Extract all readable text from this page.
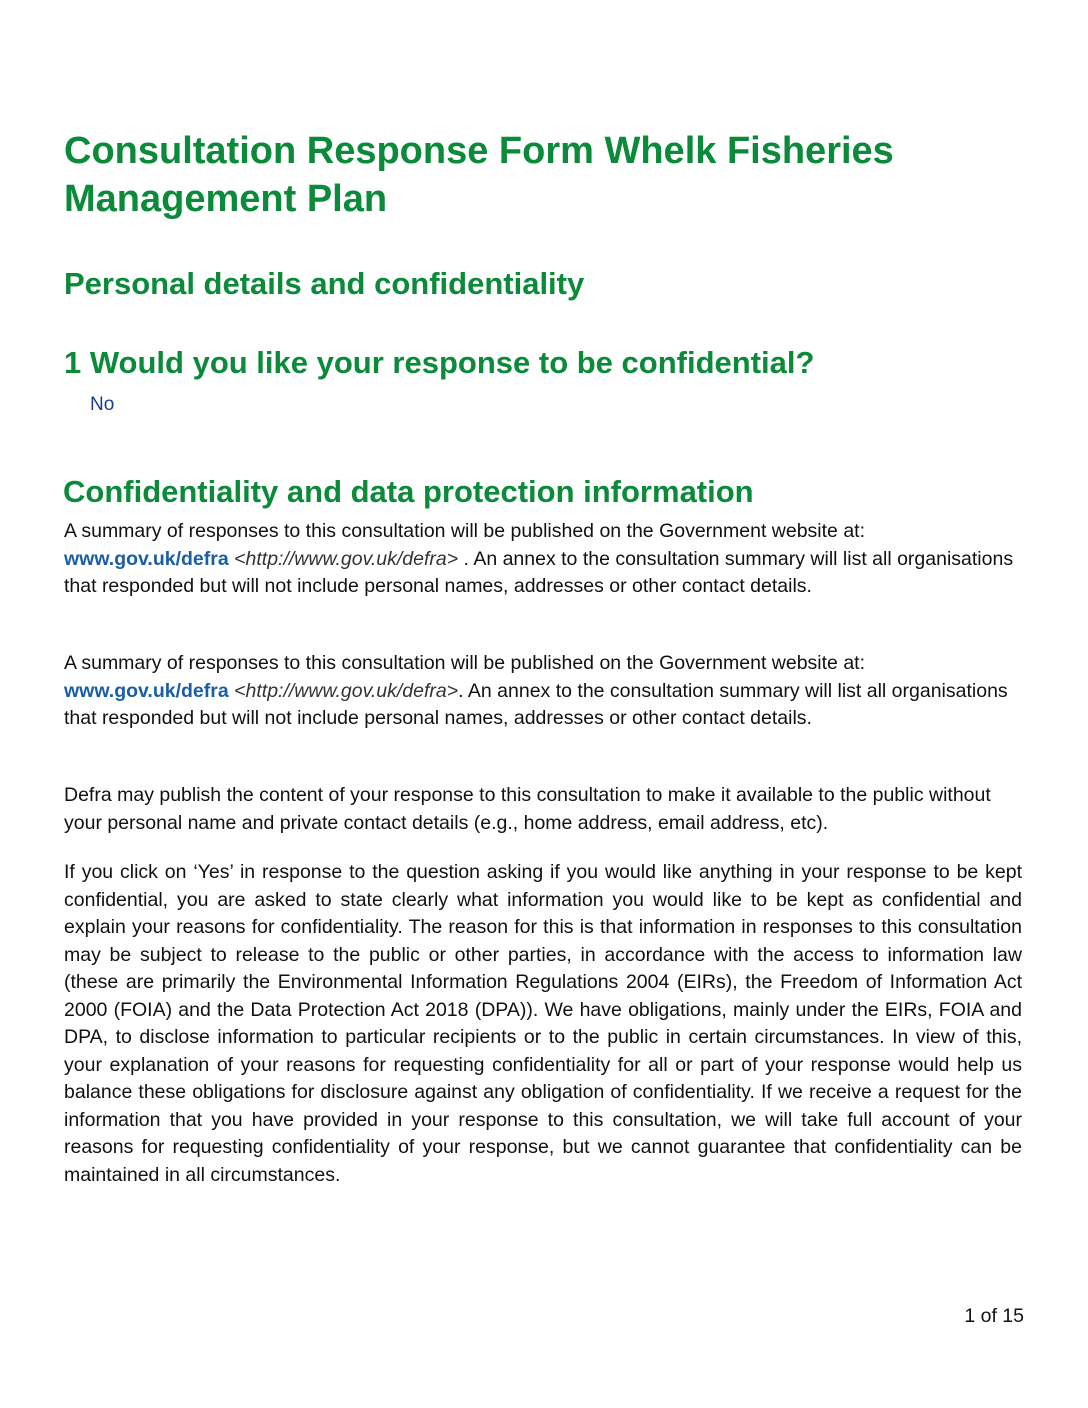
Consultation Response Form Whelk Fisheries Management Plan
Personal details and confidentiality
1 Would you like your response to be confidential?
No
Confidentiality and data protection information

A summary of responses to this consultation will be published on the Government website at:
www.gov.uk/defra <http://www.gov.uk/defra> . An annex to the consultation summary will list all organisations that responded but will not include personal names, addresses or other contact details.

A summary of responses to this consultation will be published on the Government website at:
www.gov.uk/defra <http://www.gov.uk/defra>. An annex to the consultation summary will list all organisations that responded but will not include personal names, addresses or other contact details.

Defra may publish the content of your response to this consultation to make it available to the public without your personal name and private contact details (e.g., home address, email address, etc).

If you click on ‘Yes’ in response to the question asking if you would like anything in your response to be kept confidential, you are asked to state clearly what information you would like to be kept as confidential and explain your reasons for confidentiality. The reason for this is that information in responses to this consultation may be subject to release to the public or other parties, in accordance with the access to information law (these are primarily the Environmental Information Regulations 2004 (EIRs), the Freedom of Information Act 2000 (FOIA) and the Data Protection Act 2018 (DPA)). We have obligations, mainly under the EIRs, FOIA and DPA, to disclose information to particular recipients or to the public in certain circumstances. In view of this, your explanation of your reasons for requesting confidentiality for all or part of your response would help us balance these obligations for disclosure against any obligation of confidentiality. If we receive a request for the information that you have provided in your response to this consultation, we will take full account of your reasons for requesting confidentiality of your response, but we cannot guarantee that confidentiality can be maintained in all circumstances.

1 of 15
